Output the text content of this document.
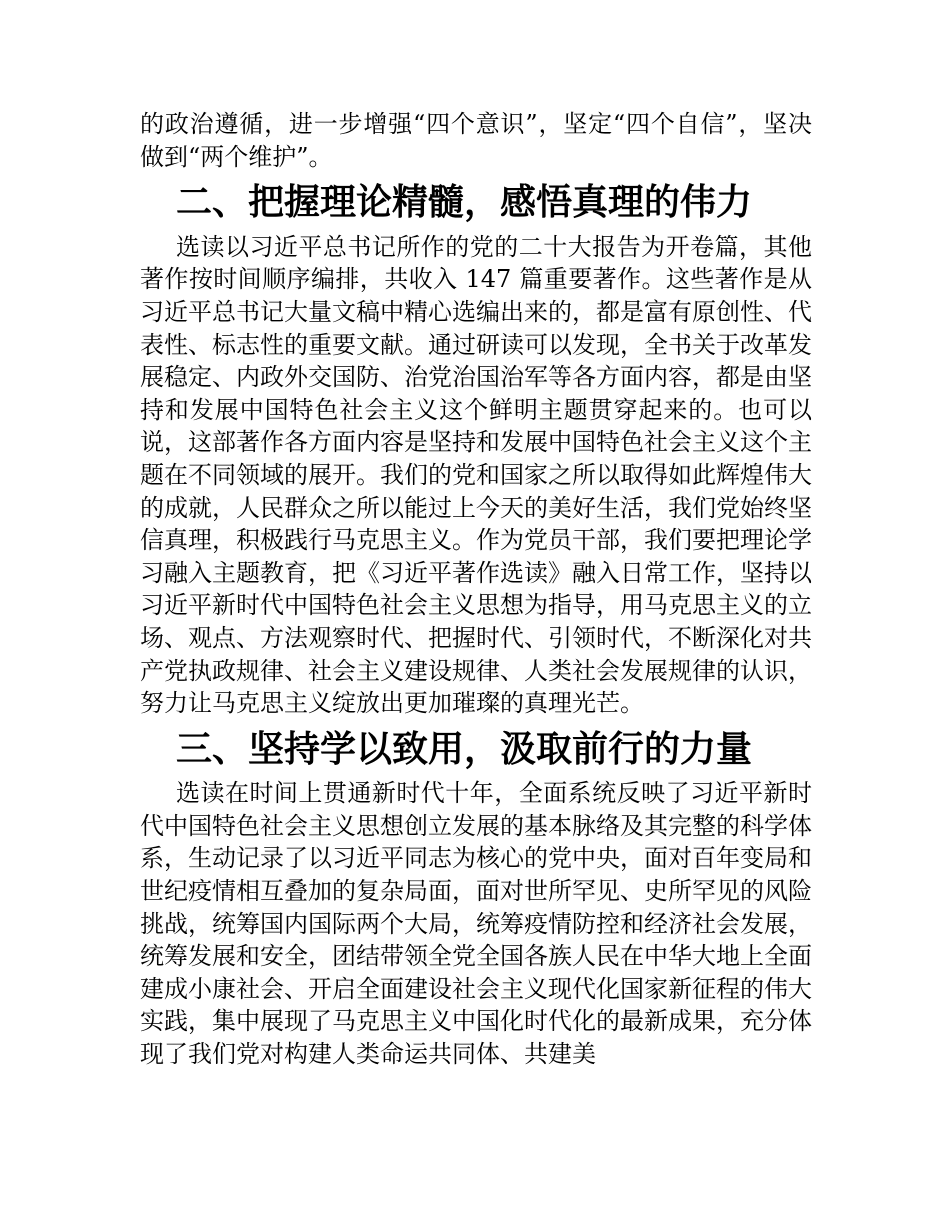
的政治遵循，进一步增强“四个意识”，坚定“四个自信”，坚决做到“两个维护”。

二、把握理论精髓，感悟真理的伟力

选读以习近平总书记所作的党的二十大报告为开卷篇，其他著作按时间顺序编排，共收入 147 篇重要著作。这些著作是从习近平总书记大量文稿中精心选编出来的，都是富有原创性、代表性、标志性的重要文献。通过研读可以发现，全书关于改革发展稳定、内政外交国防、治党治国治军等各方面内容，都是由坚持和发展中国特色社会主义这个鲜明主题贯穿起来的。也可以说，这部著作各方面内容是坚持和发展中国特色社会主义这个主题在不同领域的展开。我们的党和国家之所以取得如此辉煌伟大的成就，人民群众之所以能过上今天的美好生活，我们党始终坚信真理，积极践行马克思主义。作为党员干部，我们要把理论学习融入主题教育，把《习近平著作选读》融入日常工作，坚持以习近平新时代中国特色社会主义思想为指导，用马克思主义的立场、观点、方法观察时代、把握时代、引领时代，不断深化对共产党执政规律、社会主义建设规律、人类社会发展规律的认识，努力让马克思主义绽放出更加璀璨的真理光芒。

三、坚持学以致用，汲取前行的力量

选读在时间上贯通新时代十年，全面系统反映了习近平新时代中国特色社会主义思想创立发展的基本脉络及其完整的科学体系，生动记录了以习近平同志为核心的党中央，面对百年变局和世纪疫情相互叠加的复杂局面，面对世所罕见、史所罕见的风险挑战，统筹国内国际两个大局，统筹疫情防控和经济社会发展，统筹发展和安全，团结带领全党全国各族人民在中华大地上全面建成小康社会、开启全面建设社会主义现代化国家新征程的伟大实践，集中展现了马克思主义中国化时代化的最新成果，充分体现了我们党对构建人类命运共同体、共建美
